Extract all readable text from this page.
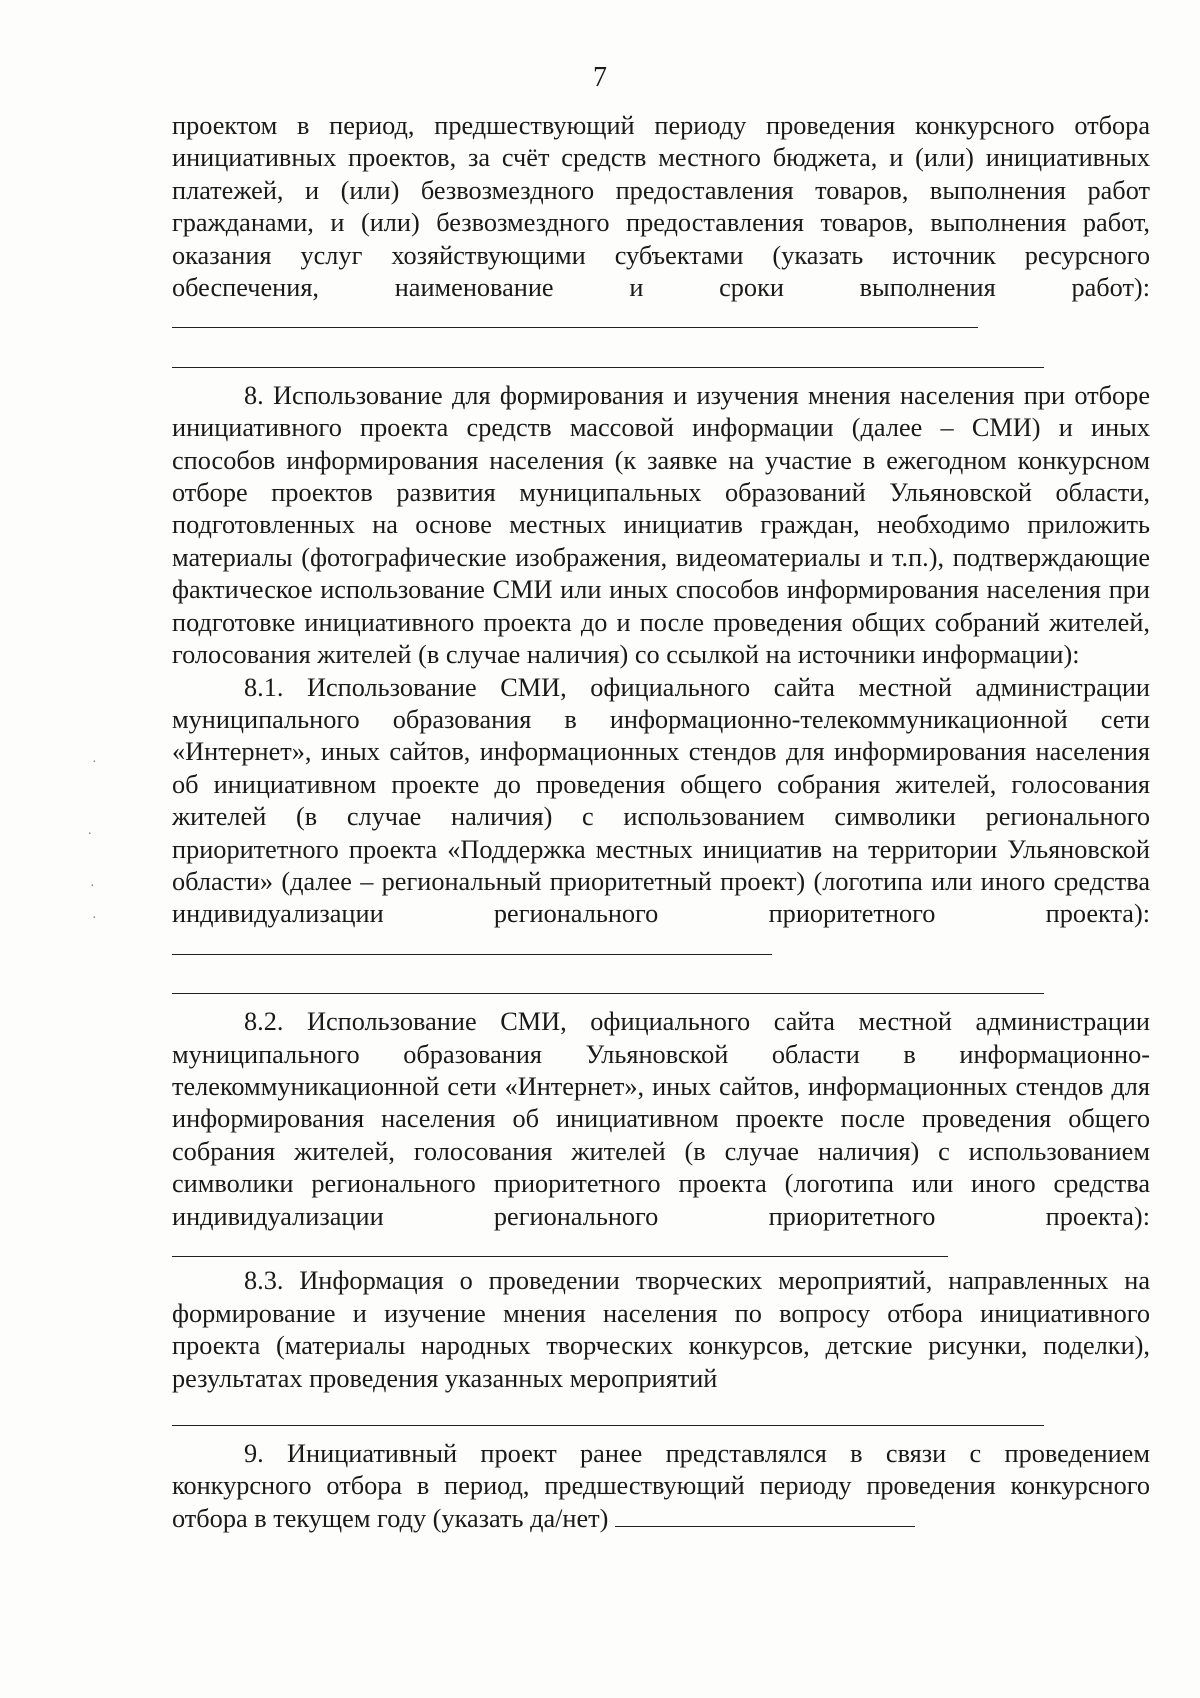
7

проектом в период, предшествующий периоду проведения конкурсного отбора инициативных проектов, за счёт средств местного бюджета, и (или) инициативных платежей, и (или) безвозмездного предоставления товаров, выполнения работ гражданами, и (или) безвозмездного предоставления товаров, выполнения работ, оказания услуг хозяйствующими субъектами (указать источник ресурсного обеспечения, наименование и сроки выполнения	работ):

8. Использование для формирования и изучения мнения населения при отборе инициативного проекта средств массовой информации (далее – СМИ) и иных способов информирования населения (к заявке на участие в ежегодном конкурсном отборе проектов развития муниципальных образований Ульяновской области, подготовленных на основе местных инициатив граждан, необходимо приложить материалы (фотографические изображения, видеоматериалы и т.п.), подтверждающие фактическое использование СМИ или иных способов информирования населения при подготовке инициативного проекта до и после проведения общих собраний жителей, голосования жителей (в случае наличия) со ссылкой на источники информации):

8.1. Использование СМИ, официального сайта местной администрации муниципального образования в информационно-телекоммуникационной сети «Интернет», иных сайтов, информационных стендов для информирования населения об инициативном проекте до проведения общего собрания жителей, голосования жителей (в случае наличия) с использованием символики регионального приоритетного проекта «Поддержка местных инициатив на территории Ульяновской области» (далее – региональный приоритетный проект) (логотипа или иного средства индивидуализации регионального	приоритетного проекта):

8.2. Использование СМИ, официального сайта местной администрации муниципального образования Ульяновской области в информационно-телекоммуникационной сети «Интернет», иных сайтов, информационных стендов для информирования населения об инициативном проекте после проведения общего собрания жителей, голосования жителей (в случае наличия) с использованием символики регионального приоритетного проекта (логотипа или иного средства индивидуализации регионального приоритетного	проекта):

8.3. Информация о проведении творческих мероприятий, направленных на формирование и изучение мнения населения по вопросу отбора инициативного проекта (материалы народных творческих конкурсов, детские рисунки, поделки), результатах проведения указанных мероприятий

9. Инициативный проект ранее представлялся в связи с проведением конкурсного отбора в период, предшествующий периоду проведения конкурсного отбора в текущем году (указать да/нет)

·
.
·
·
